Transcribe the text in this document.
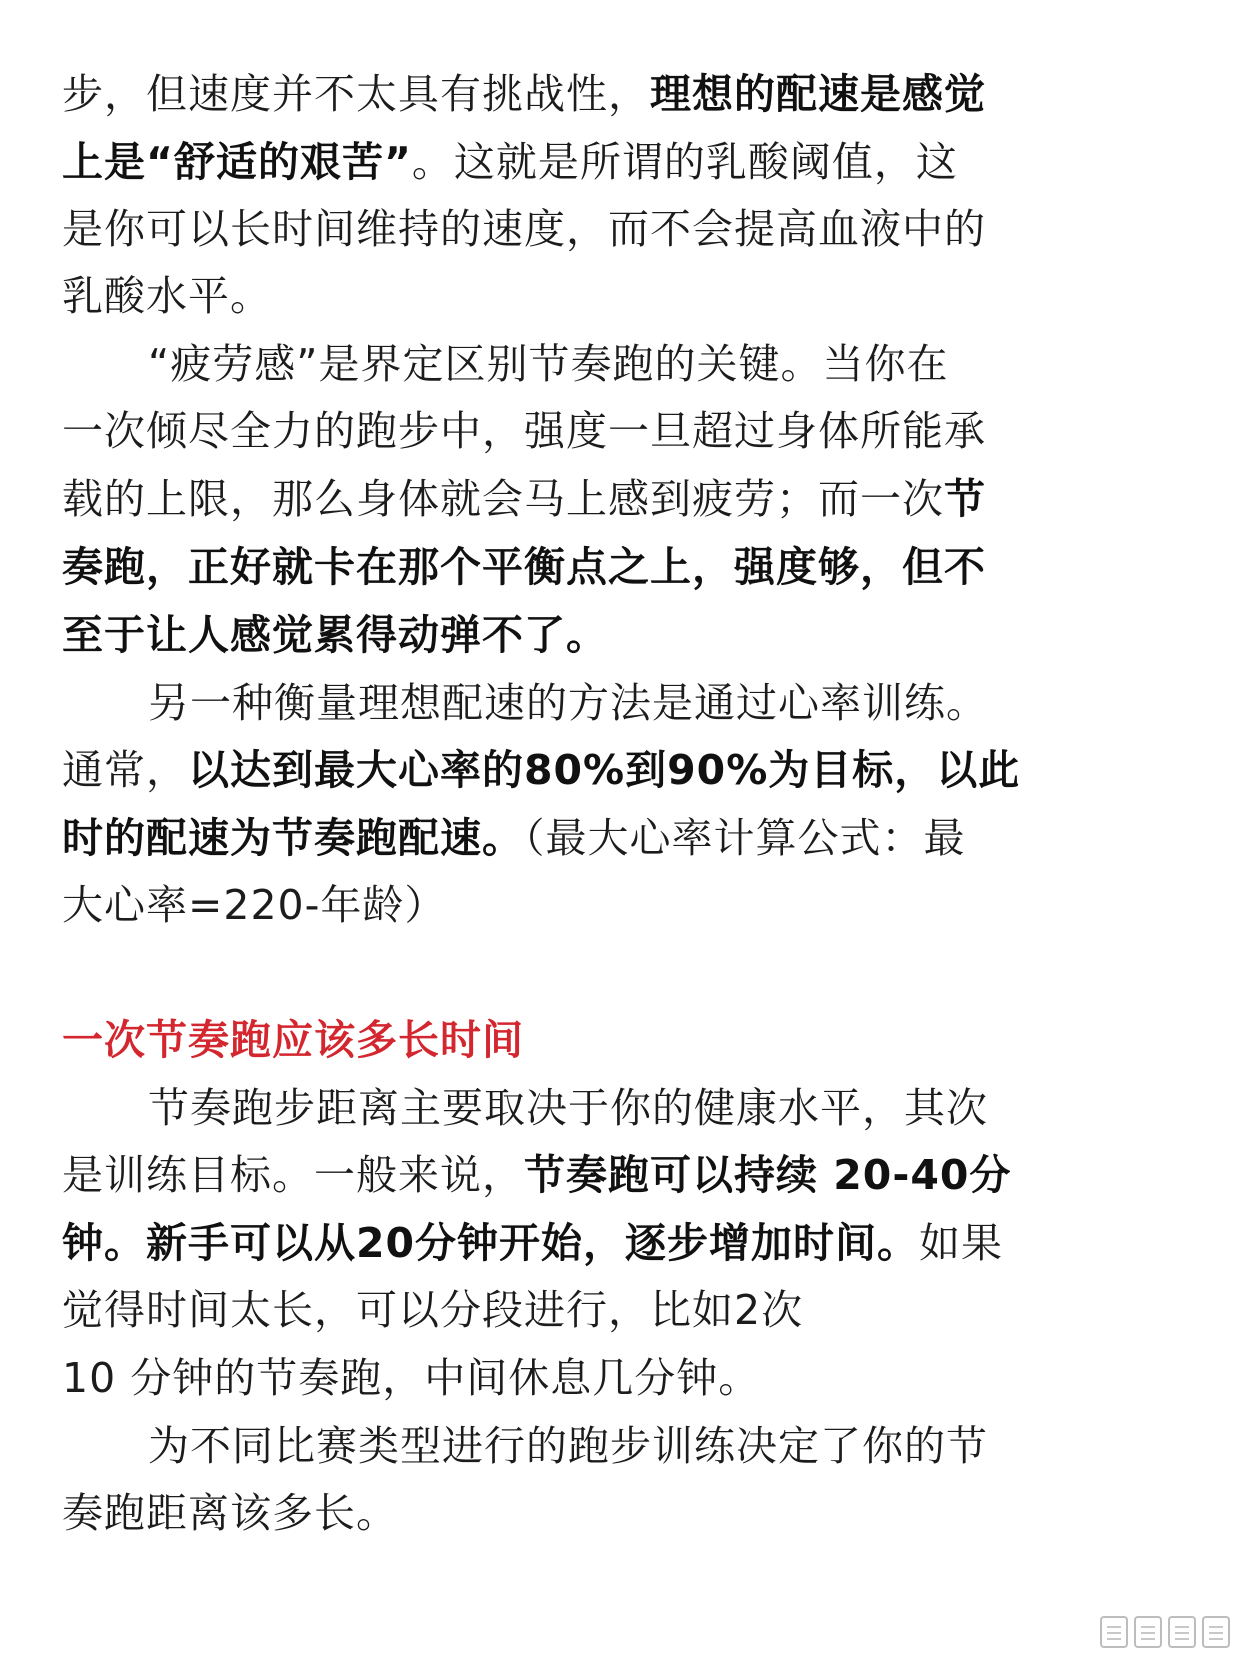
步，但速度并不太具有挑战性，理想的配速是感觉
上是“舒适的艰苦”。这就是所谓的乳酸阈值，这
是你可以长时间维持的速度，而不会提高血液中的
乳酸水平。
“疲劳感”是界定区别节奏跑的关键。当你在
一次倾尽全力的跑步中，强度一旦超过身体所能承
载的上限，那么身体就会马上感到疲劳；而一次节
奏跑，正好就卡在那个平衡点之上，强度够，但不
至于让人感觉累得动弹不了。
另一种衡量理想配速的方法是通过心率训练。
通常，以达到最大心率的80%到90%为目标，以此
时的配速为节奏跑配速。（最大心率计算公式：最
大心率=220-年龄）
一次节奏跑应该多长时间
节奏跑步距离主要取决于你的健康水平，其次
是训练目标。一般来说，节奏跑可以持续 20-40分
钟。新手可以从20分钟开始，逐步增加时间。如果
觉得时间太长，可以分段进行，比如2次
10 分钟的节奏跑，中间休息几分钟。
为不同比赛类型进行的跑步训练决定了你的节
奏跑距离该多长。
